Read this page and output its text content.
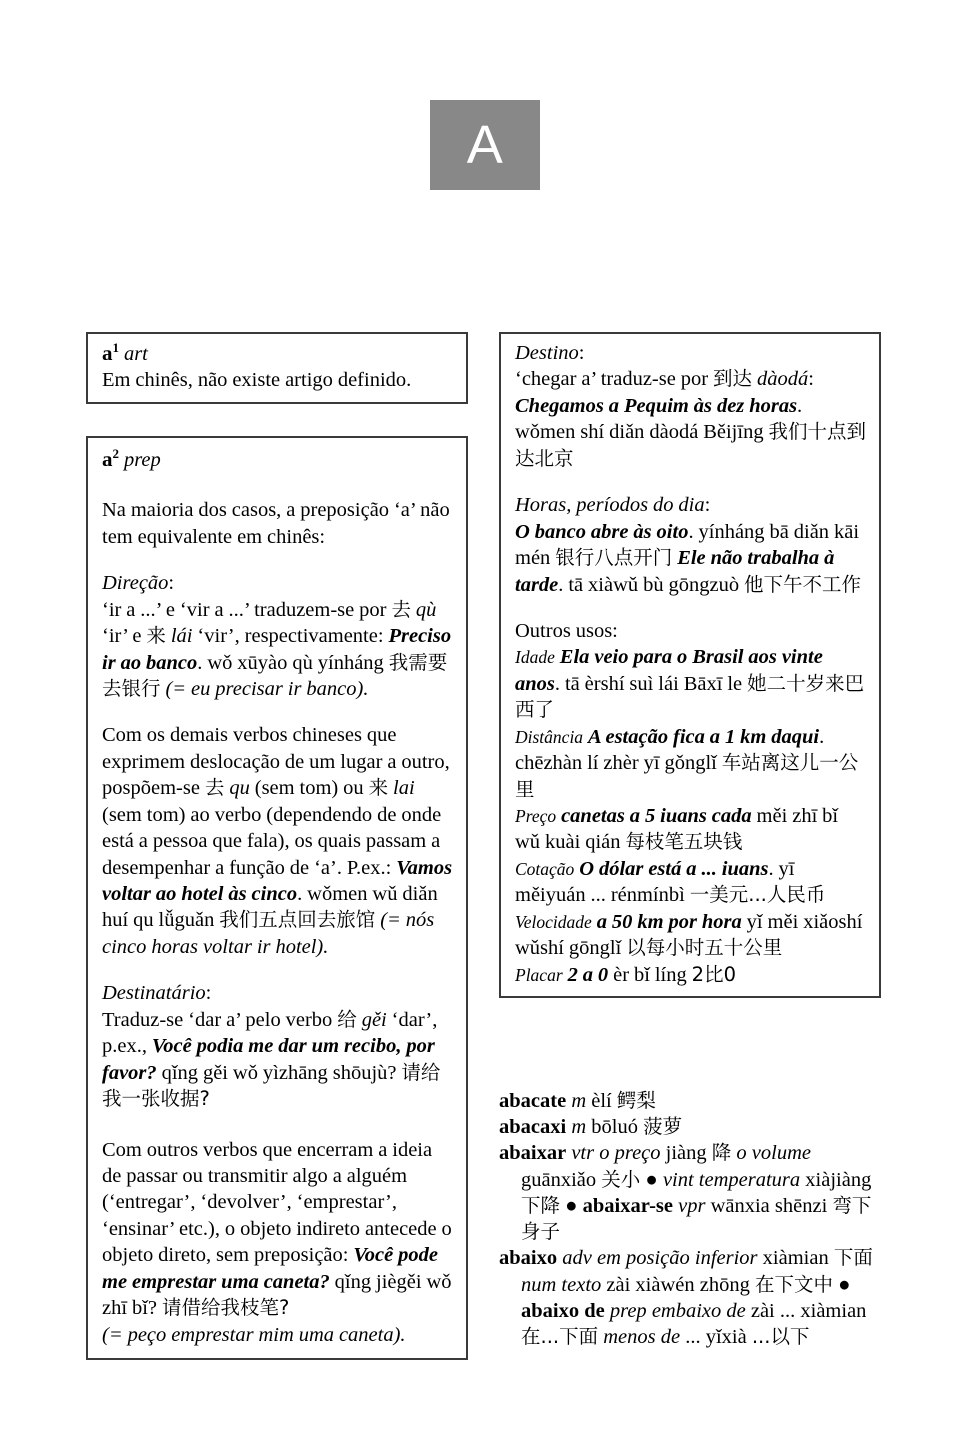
A

$a^1$ art

Em chinês, não existe artigo definido.

$a^2$ prep

Na maioria dos casos, a preposição ‘a’ não tem equivalente em chinês:

Direção:
‘ir a ...’ e ‘vir a ...’ traduzem-se por 去 qù ‘ir’ e 来 lái ‘vir’, respectivamente: Preciso ir ao banco. wǒ xūyào qù yínháng 我需要去银行 (= eu precisar ir banco).

Com os demais verbos chineses que exprimem deslocação de um lugar a outro, pospõem-se 去 qu (sem tom) ou 来 lai (sem tom) ao verbo (dependendo de onde está a pessoa que fala), os quais passam a desempenhar a função de ‘a’. P.ex.: Vamos voltar ao hotel às cinco. wǒmen wǔ diǎn huí qu lǚguǎn 我们五点回去旅馆 (= nós cinco horas voltar ir hotel).

Destinatário:
Traduz-se ‘dar a’ pelo verbo 给 gěi ‘dar’, p.ex., Você podia me dar um recibo, por favor? qǐng gěi wǒ yìzhāng shōujù? 请给我一张收据?

Com outros verbos que encerram a ideia de passar ou transmitir algo a alguém (‘entregar’, ‘devolver’, ‘emprestar’, ‘ensinar’ etc.), o objeto indireto antecede o objeto direto, sem preposição: Você pode me emprestar uma caneta? qǐng jiègěi wǒ zhī bǐ? 请借给我枝笔?
(= peço emprestar mim uma caneta).

Destino:
‘chegar a’ traduz-se por 到达 dàodá:
Chegamos a Pequim às dez horas. wǒmen shí diǎn dàodá Běijīng 我们十点到达北京

Horas, períodos do dia:
O banco abre às oito. yínháng bā diǎn kāi mén 银行八点开门 Ele não trabalha à tarde. tā xiàwǔ bù gōngzuò 他下午不工作

Outros usos:

Idade Ela veio para o Brasil aos vinte anos. tā èrshí suì lái Bāxī le 她二十岁来巴西了

Distância A estação fica a 1 km daqui. chēzhàn lí zhèr yī gǒnglǐ 车站离这儿一公里

Preço canetas a 5 iuans cada měi zhī bǐ wǔ kuài qián 每枝笔五块钱

Cotação O dólar está a ... iuans. yī měiyuán ... rénmínbì 一美元...人民币

Velocidade a 50 km por hora yǐ měi xiǎoshí wǔshí gōnglǐ 以每小时五十公里

Placar 2 a 0 èr bǐ líng 2比0

abacate m èlí 鳄梨

abacaxi m bōluó 菠萝

abaixar vtr o preço jiàng 降 o volume guānxiǎo 关小 ● vint temperatura xiàjiàng 下降 ● abaixar-se vpr wānxia shēnzi 弯下身子

abaixo adv em posição inferior xiàmian 下面 num texto zài xiàwén zhōng 在下文中 ● abaixo de prep embaixo de zài ... xiàmian 在...下面 menos de ... yǐxià ...以下
